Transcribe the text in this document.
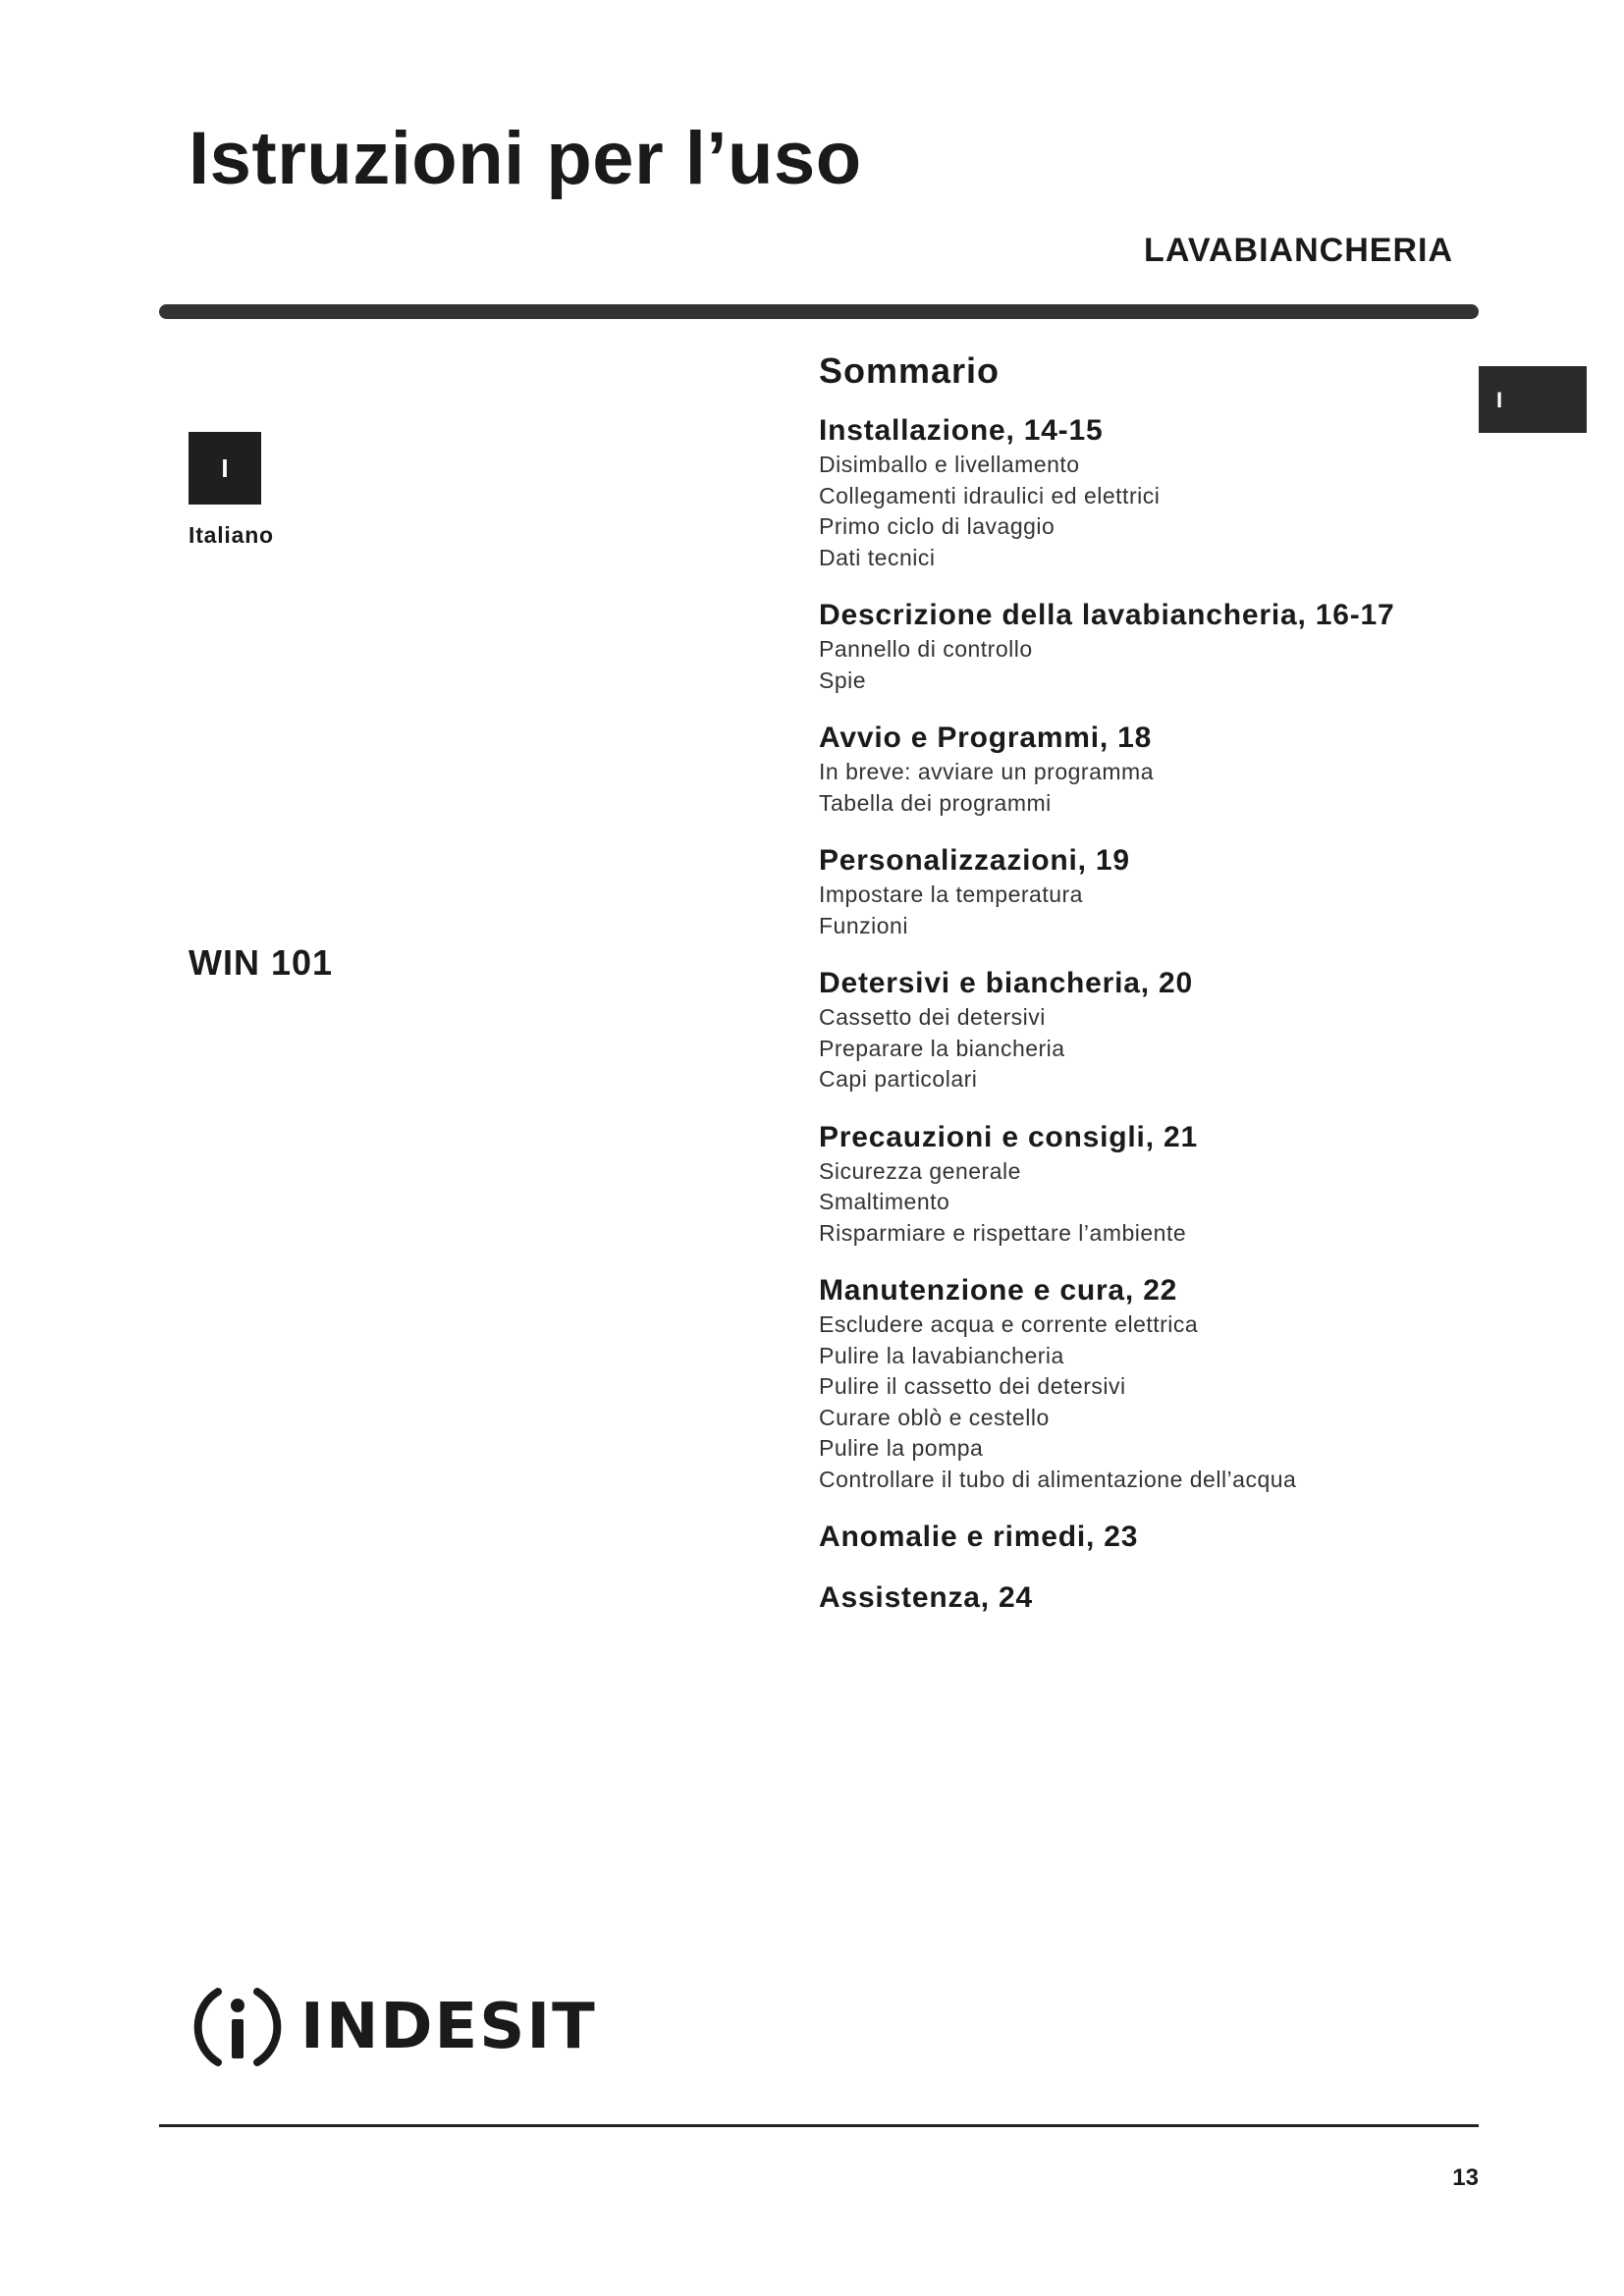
Istruzioni per l’uso
LAVABIANCHERIA
I
I
Italiano
WIN 101
Sommario
Installazione, 14-15
Disimballo e livellamento
Collegamenti idraulici ed elettrici
Primo ciclo di lavaggio
Dati tecnici
Descrizione della lavabiancheria, 16-17
Pannello di controllo
Spie
Avvio e Programmi, 18
In breve: avviare un programma
Tabella dei programmi
Personalizzazioni, 19
Impostare la temperatura
Funzioni
Detersivi e biancheria, 20
Cassetto dei detersivi
Preparare la biancheria
Capi particolari
Precauzioni e consigli, 21
Sicurezza generale
Smaltimento
Risparmiare e rispettare l’ambiente
Manutenzione e cura, 22
Escludere acqua e corrente elettrica
Pulire la lavabiancheria
Pulire il cassetto dei detersivi
Curare oblò e cestello
Pulire la pompa
Controllare il tubo di alimentazione dell’acqua
Anomalie e rimedi, 23
Assistenza, 24
INDESIT
13
